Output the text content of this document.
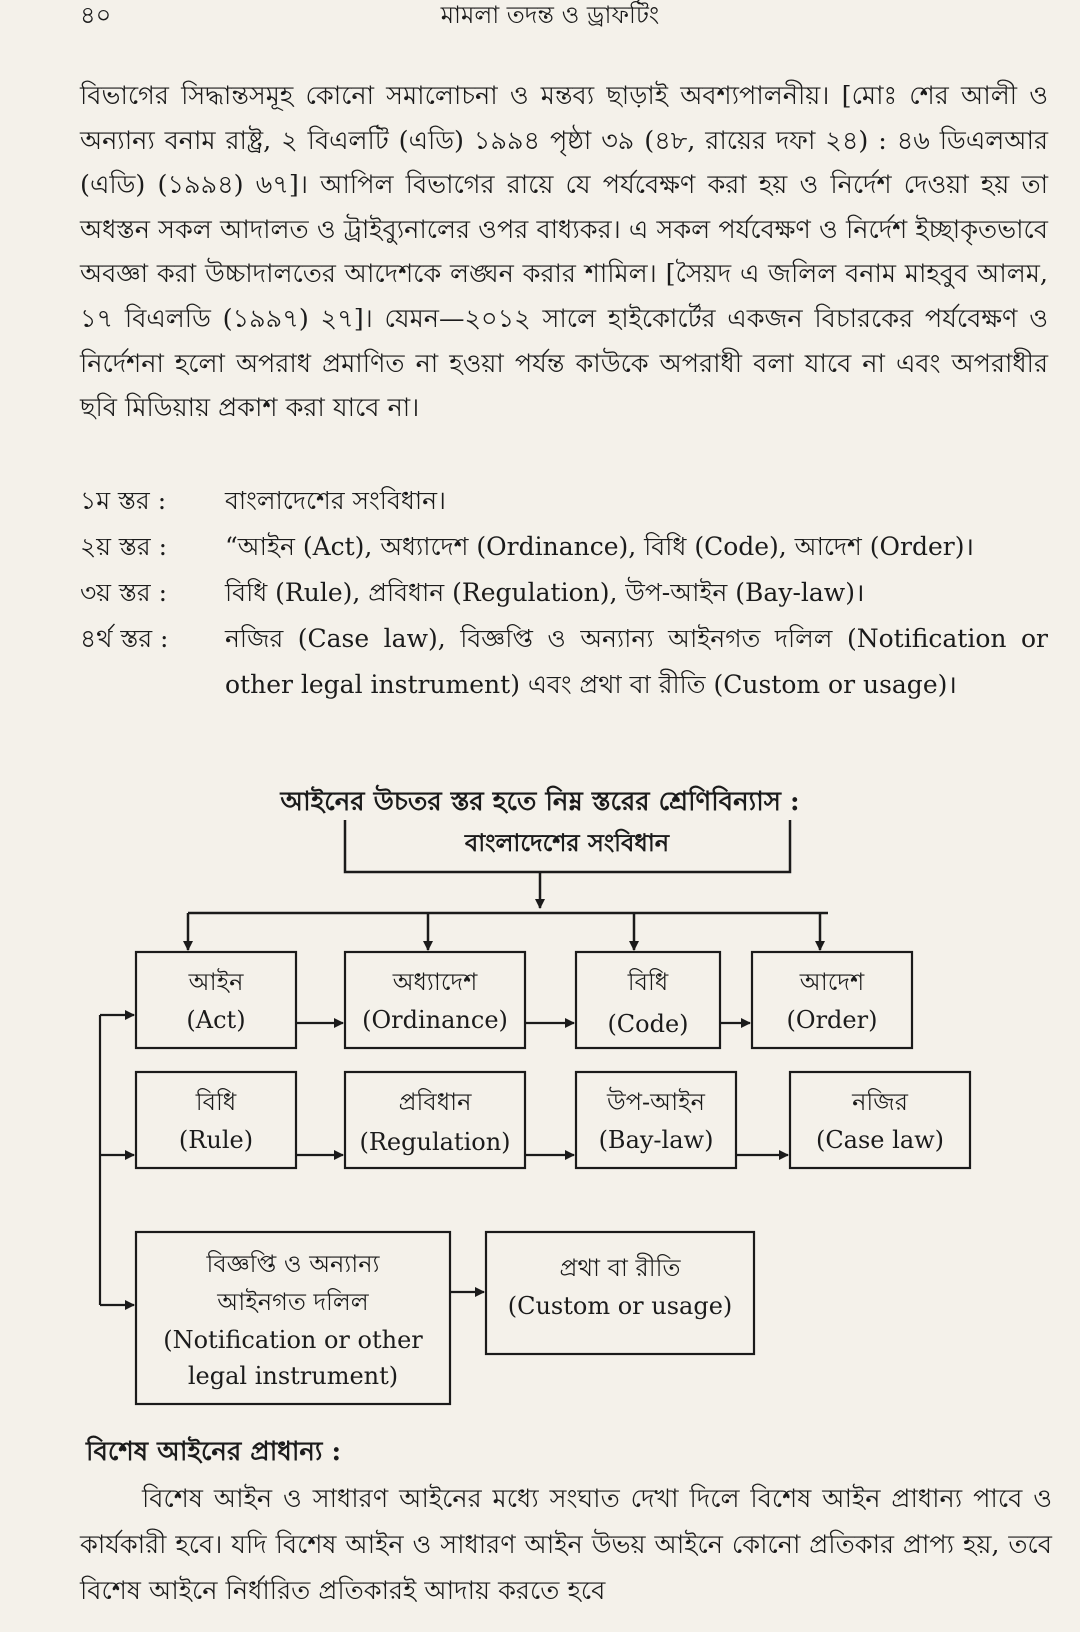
৪০	মামলা তদন্ত ও ড্রাফটিং

বিভাগের সিদ্ধান্তসমূহ কোনো সমালোচনা ও মন্তব্য ছাড়াই অবশ্যপালনীয়। [মোঃ শের আলী ও অন্যান্য বনাম রাষ্ট্র, ২ বিএলটি (এডি) ১৯৯৪ পৃষ্ঠা ৩৯ (৪৮, রায়ের দফা ২৪) : ৪৬ ডিএলআর (এডি) (১৯৯৪) ৬৭]। আপিল বিভাগের রায়ে যে পর্যবেক্ষণ করা হয় ও নির্দেশ দেওয়া হয় তা অধস্তন সকল আদালত ও ট্রাইব্যুনালের ওপর বাধ্যকর। এ সকল পর্যবেক্ষণ ও নির্দেশ ইচ্ছাকৃতভাবে অবজ্ঞা করা উচ্চাদালতের আদেশকে লঙ্ঘন করার শামিল। [সৈয়দ এ জলিল বনাম মাহবুব আলম, ১৭ বিএলডি (১৯৯৭) ২৭]। যেমন—২০১২ সালে হাইকোর্টের একজন বিচারকের পর্যবেক্ষণ ও নির্দেশনা হলো অপরাধ প্রমাণিত না হওয়া পর্যন্ত কাউকে অপরাধী বলা যাবে না এবং অপরাধীর ছবি মিডিয়ায় প্রকাশ করা যাবে না।

১ম স্তর :	বাংলাদেশের সংবিধান।
২য় স্তর :	“আইন (Act), অধ্যাদেশ (Ordinance), বিধি (Code), আদেশ (Order)।
৩য় স্তর :	বিধি (Rule), প্রবিধান (Regulation), উপ-আইন (Bay-law)।
৪র্থ স্তর :	নজির (Case law), বিজ্ঞপ্তি ও অন্যান্য আইনগত দলিল (Notification or other legal instrument) এবং প্রথা বা রীতি (Custom or usage)।
আইনের উচতর স্তর হতে নিম্ন স্তরের শ্রেণিবিন্যাস :
বাংলাদেশের সংবিধান
আইন
(Act)
অধ্যাদেশ
(Ordinance)
বিধি
(Code)
আদেশ
(Order)
বিধি
(Rule)
প্রবিধান
(Regulation)
উপ-আইন
(Bay-law)
নজির
(Case law)
বিজ্ঞপ্তি ও অন্যান্য
আইনগত দলিল
(Notification or other
legal instrument)
প্রথা বা রীতি
(Custom or usage)
বিশেষ আইনের প্রাধান্য :

বিশেষ আইন ও সাধারণ আইনের মধ্যে সংঘাত দেখা দিলে বিশেষ আইন প্রাধান্য পাবে ও কার্যকারী হবে। যদি বিশেষ আইন ও সাধারণ আইন উভয় আইনে কোনো প্রতিকার প্রাপ্য হয়, তবে বিশেষ আইনে নির্ধারিত প্রতিকারই আদায় করতে হবে
